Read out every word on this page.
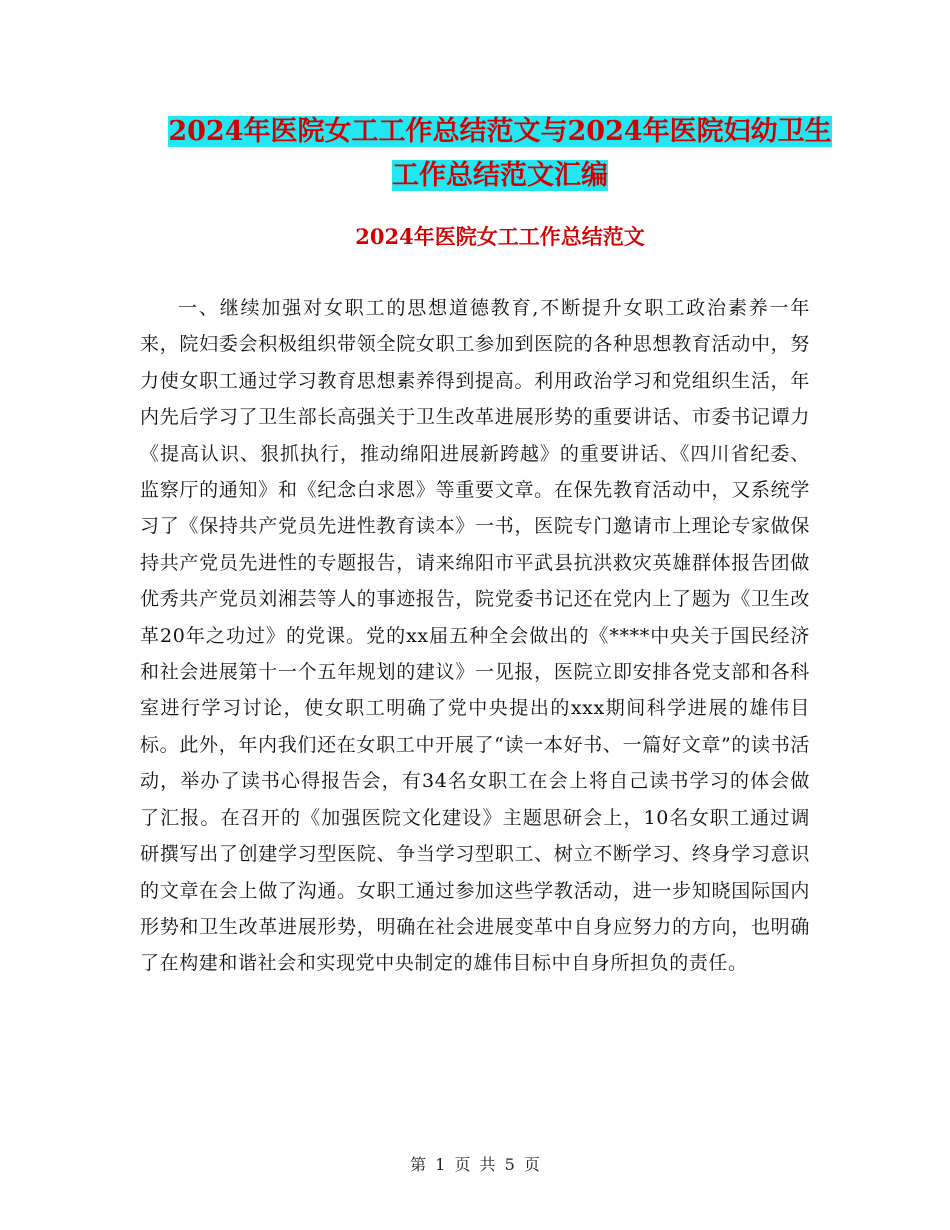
2024年医院女工工作总结范文与2024年医院妇幼卫生
工作总结范文汇编
2024年医院女工工作总结范文

一、继续加强对女职工的思想道德教育,不断提升女职工政治素养一年来，院妇委会积极组织带领全院女职工参加到医院的各种思想教育活动中，努力使女职工通过学习教育思想素养得到提高。利用政治学习和党组织生活，年内先后学习了卫生部长高强关于卫生改革进展形势的重要讲话、市委书记谭力《提高认识、狠抓执行，推动绵阳进展新跨越》的重要讲话、《四川省纪委、监察厅的通知》和《纪念白求恩》等重要文章。在保先教育活动中，又系统学习了《保持共产党员先进性教育读本》一书，医院专门邀请市上理论专家做保持共产党员先进性的专题报告，请来绵阳市平武县抗洪救灾英雄群体报告团做优秀共产党员刘湘芸等人的事迹报告，院党委书记还在党内上了题为《卫生改革20年之功过》的党课。党的xx届五种全会做出的《****中央关于国民经济和社会进展第十一个五年规划的建议》一见报，医院立即安排各党支部和各科室进行学习讨论，使女职工明确了党中央提出的xxx期间科学进展的雄伟目标。此外，年内我们还在女职工中开展了“读一本好书、一篇好文章”的读书活动，举办了读书心得报告会，有34名女职工在会上将自己读书学习的体会做了汇报。在召开的《加强医院文化建设》主题思研会上，10名女职工通过调研撰写出了创建学习型医院、争当学习型职工、树立不断学习、终身学习意识的文章在会上做了沟通。女职工通过参加这些学教活动，进一步知晓国际国内形势和卫生改革进展形势，明确在社会进展变革中自身应努力的方向，也明确了在构建和谐社会和实现党中央制定的雄伟目标中自身所担负的责任。

第 1 页 共 5 页
